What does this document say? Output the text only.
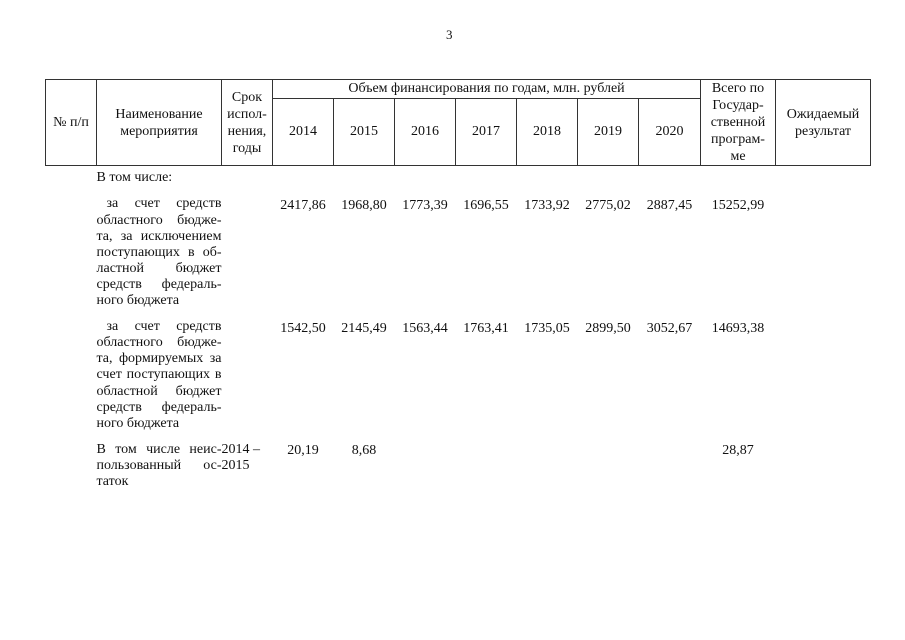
3
№ п/п	Наименование мероприятия	Срок испол- нения, годы	Объем финансирования по годам, млн. рублей							Всего по Государ- ственной програм- ме	Ожидаемый результат
			2014	2015	2016	2017	2018	2019	2020		
	В том числе:										
	за счет средств областного бюдже- та, за исключением поступающих в об- ластной бюджет средств федераль- ного бюджета		2417,86	1968,80	1773,39	1696,55	1733,92	2775,02	2887,45	15252,99	
	за счет средств областного бюдже- та, формируемых за счет поступающих в областной бюджет средств федераль- ного бюджета		1542,50	2145,49	1563,44	1763,41	1735,05	2899,50	3052,67	14693,38	
	В том числе неис- пользованный ос- таток	2014 – 2015	20,19	8,68						28,87	
